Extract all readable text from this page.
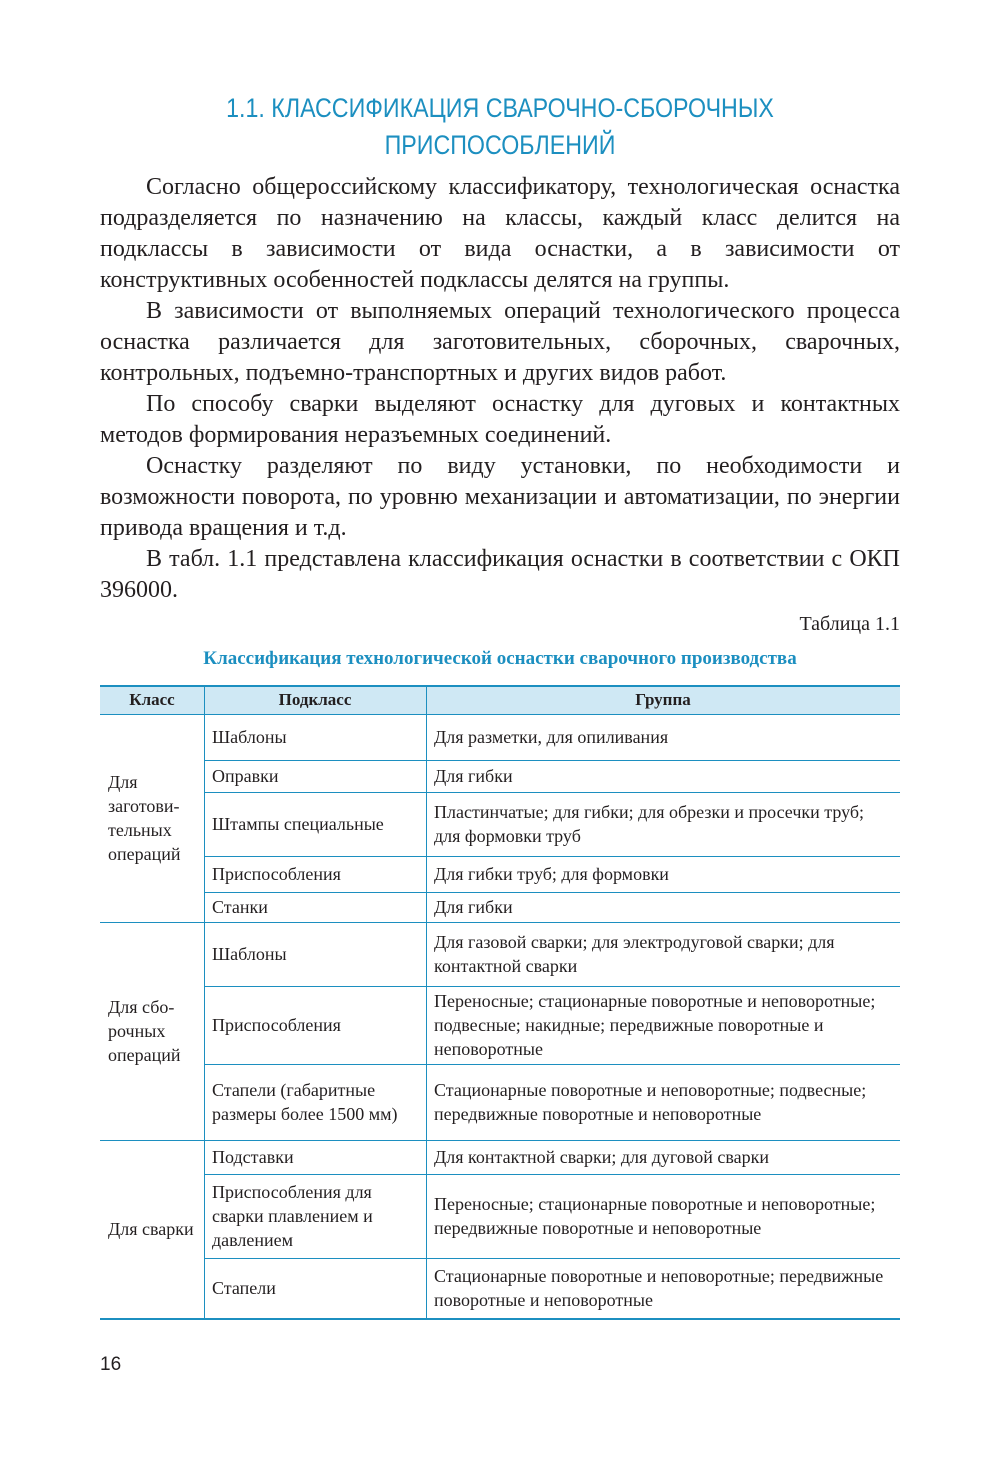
1.1. КЛАССИФИКАЦИЯ СВАРОЧНО-СБОРОЧНЫХ
ПРИСПОСОБЛЕНИЙ

Согласно общероссийскому классификатору, технологическая оснастка подразделяется по назначению на классы, каждый класс делится на подклассы в зависимости от вида оснастки, а в зависимости от конструктивных особенностей подклассы делятся на группы.

В зависимости от выполняемых операций технологического процесса оснастка различается для заготовительных, сборочных, сварочных, контрольных, подъемно-транспортных и других видов работ.

По способу сварки выделяют оснастку для дуговых и контактных методов формирования неразъемных соединений.

Оснастку разделяют по виду установки, по необходимости и возможности поворота, по уровню механизации и автоматизации, по энергии привода вращения и т.д.

В табл. 1.1 представлена классификация оснастки в соответствии с ОКП 396000.

Таблица 1.1
Классификация технологической оснастки сварочного производства
Класс	Подкласс	Группа
Для заготови-тельных операций
Для сбо-рочных операций
Для сварки
Шаблоны
Оправки
Штампы специальные
Приспособления
Станки
Шаблоны
Приспособления
Стапели (габаритные размеры более 1500 мм)
Подставки
Приспособления для сварки плавлением и давлением
Стапели
Для разметки, для опиливания
Для гибки
Пластинчатые; для гибки; для обрезки и просечки труб; для формовки труб
Для гибки труб; для формовки
Для гибки
Для газовой сварки; для электродуговой сварки; для контактной сварки
Переносные; стационарные поворотные и неповоротные; подвесные; накидные; передвижные поворотные и неповоротные
Стационарные поворотные и неповоротные; подвесные; передвижные поворотные и неповоротные
Для контактной сварки; для дуговой сварки
Переносные; стационарные поворотные и неповоротные; передвижные поворотные и неповоротные
Стационарные поворотные и неповоротные; передвижные поворотные и неповоротные
16
